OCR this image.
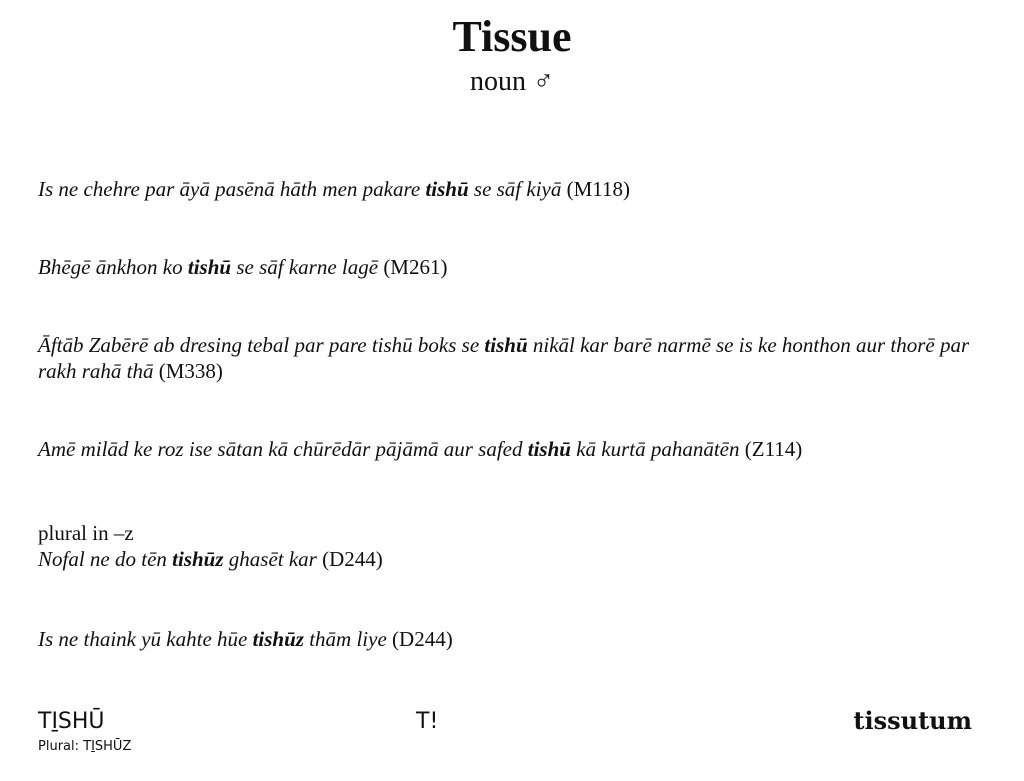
Tissue
noun ♂
Is ne chehre par āyā pasēnā hāth men pakare tishū se sāf kiyā (M118)
Bhēgē ānkhon ko tishū se sāf karne lagē (M261)
Āftāb Zabērē ab dresing tebal par pare tishū boks se tishū nikāl kar barē narmē se is ke honthon aur thorē par rakh rahā thā (M338)
Amē milād ke roz ise sātan kā chūrēdār pājāmā aur safed tishū kā kurtā pahanātēn (Z114)
plural in –z
Nofal ne do tēn tishūz ghasēt kar (D244)
Is ne thaink yū kahte hūe tishūz thām liye (D244)
TI̱SHŪ	T!	tissutum
Plural: TI̱SHŪZ
